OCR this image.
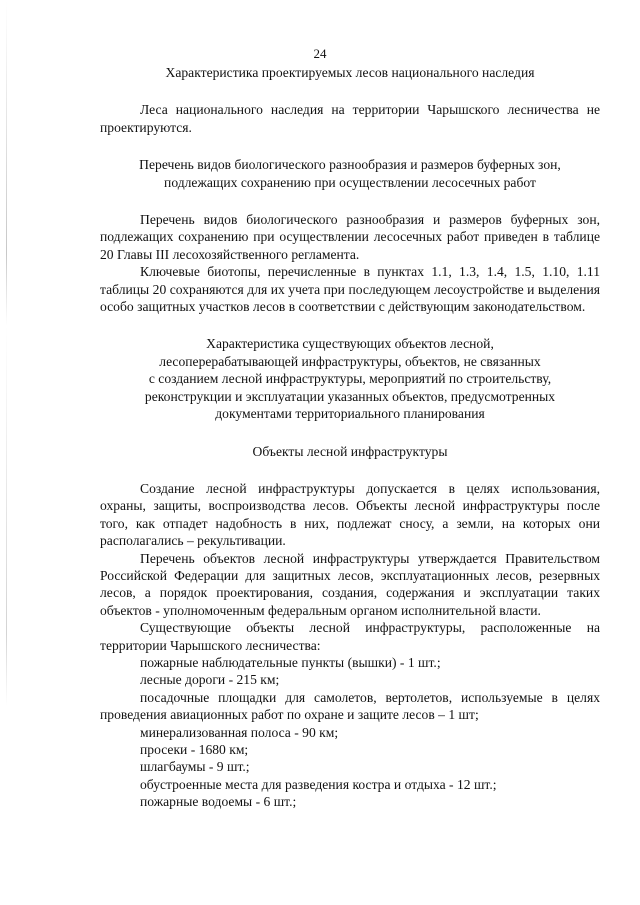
24

Характеристика проектируемых лесов национального наследия

Леса национального наследия на территории Чарышского лесничества не проектируются.

Перечень видов биологического разнообразия и размеров буферных зон,

подлежащих сохранению при осуществлении лесосечных работ

Перечень видов биологического разнообразия и размеров буферных зон, подлежащих сохранению при осуществлении лесосечных работ приведен в таблице 20 Главы III лесохозяйственного регламента.

Ключевые биотопы, перечисленные в пунктах 1.1, 1.3, 1.4, 1.5, 1.10, 1.11 таблицы 20 сохраняются для их учета при последующем лесоустройстве и выделения особо защитных участков лесов в соответствии с действующим законодательством.

Характеристика существующих объектов лесной,

лесоперерабатывающей инфраструктуры, объектов, не связанных

с созданием лесной инфраструктуры, мероприятий по строительству,

реконструкции и эксплуатации указанных объектов, предусмотренных

документами территориального планирования

Объекты лесной инфраструктуры

Создание лесной инфраструктуры допускается в целях использования, охраны, защиты, воспроизводства лесов. Объекты лесной инфраструктуры после того, как отпадет надобность в них, подлежат сносу, а земли, на которых они располагались – рекультивации.

Перечень объектов лесной инфраструктуры утверждается Правительством Российской Федерации для защитных лесов, эксплуатационных лесов, резервных лесов, а порядок проектирования, создания, содержания и эксплуатации таких объектов - уполномоченным федеральным органом исполнительной власти.

Существующие объекты лесной инфраструктуры, расположенные на территории Чарышского лесничества:

пожарные наблюдательные пункты (вышки) - 1 шт.;

лесные дороги - 215 км;

посадочные площадки для самолетов, вертолетов, используемые в целях проведения авиационных работ по охране и защите лесов – 1 шт;

минерализованная полоса - 90 км;

просеки - 1680 км;

шлагбаумы - 9 шт.;

обустроенные места для разведения костра и отдыха - 12 шт.;

пожарные водоемы - 6 шт.;
